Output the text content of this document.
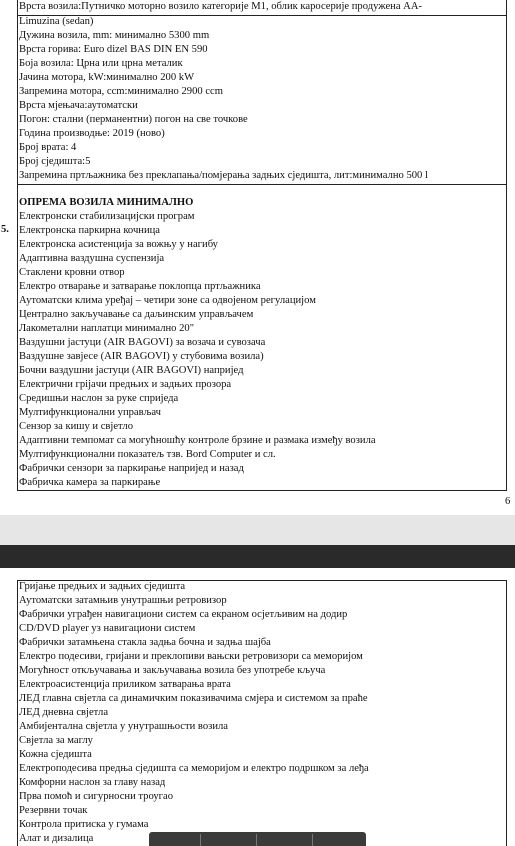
Врста возила:Путничко моторно возило категорије M1, облик каросерије продужена AA-
Limuzina (sedan)
Дужина возила, mm: минимално 5300 mm
Врста горива: Euro dizel BAS DIN EN 590
Боја возила: Црна или црна металик
Јачина мотора, kW:минимално 200 kW
Запремина мотора, ccm:минимално 2900 ccm
Врста мјењача:аутоматски
Погон: стални (перманентни) погон на све точкове
Година производње: 2019 (ново)
Број врата: 4
Број сједишта:5
Запремина пртљажника без преклапања/помјерања задњих сједишта, лит:минимално 500 l
ОПРЕМА ВОЗИЛА МИНИМАЛНО
5.
Електронски стабилизацијски програм
Електронска паркирна кочница
Електронска асистенција за вожњу у нагибу
Адаптивна ваздушна суспензија
Стаклени кровни отвор
Електро отварање и затварање поклопца пртљажника
Аутоматски клима уређај – четири зоне са одвојеном регулацијом
Централно закључавање са даљинским управљачем
Лакометални наплатци минимално 20"
Ваздушни јастуци (AIR BAGOVI) за возача и сувозача
Ваздушне завјесе (AIR BAGOVI) у стубовима возила)
Бочни ваздушни јастуци (AIR BAGOVI) напријед
Електрични грijaчи предњих и задњих прозора
Средишњи наслон за руке сприједа
Мултифункционални управљач
Сензор за кишу и свјетло
Адаптивни темпомат са могућношћу контроле брзине и размака између возила
Мултифункционални показатељ тзв. Bord Computer и сл.
Фабрички сензори за паркирање напријед и назад
Фабричка камера за паркирање
6
Гријање предњих и задњих сједишта
Аутоматски затамњив унутрашњи ретровизор
Фабрички уграђен навигациони систем са екраном осјетљивим на додир
CD/DVD player уз навигациони систем
Фабрички затамњена стакла задња бочна и задња шајба
Електро подесиви, гријани и преклопиви вањски ретровизори са меморијом
Могућност откључавања и закључавања возила без употребе кључа
Електроасистенција приликом затварања врата
ЛЕД главна свјетла са динамичким показивачима смјера и системом за праће
ЛЕД дневна свјетла
Амбијентална свјетла у унутрашњости возила
Свјетла за маглу
Кожна сједишта
Електроподесива предња сједишта са меморијом и електро подршком за леђа
Комфорни наслон за главу назад
Прва помоћ и сигурносни троугао
Резервни точак
Контрола притиска у гумама
Алат и дизалица
